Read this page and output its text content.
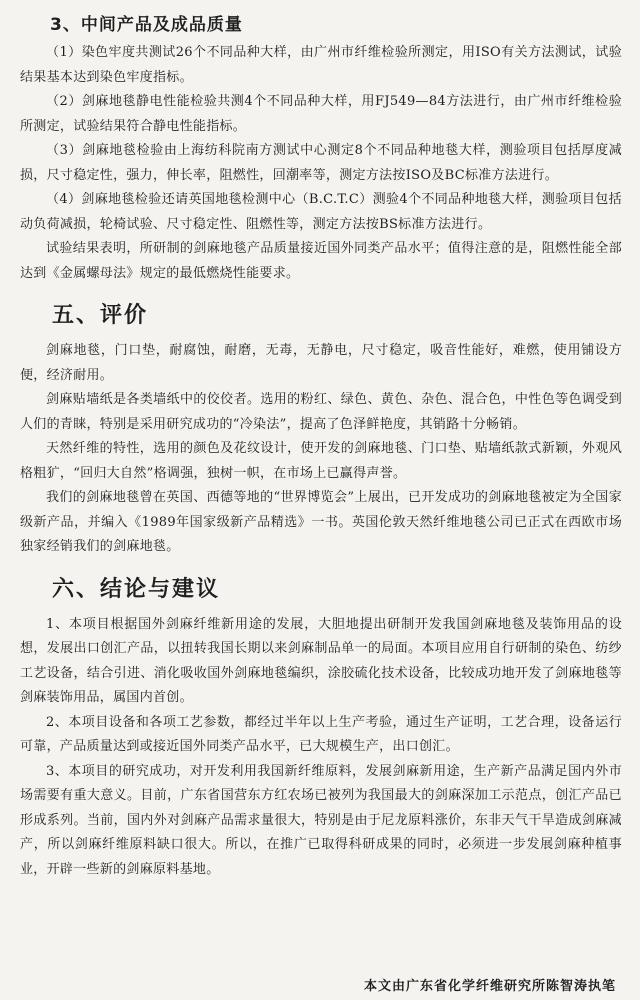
3、中间产品及成品质量

（1）染色牢度共测试26个不同品种大样，由广州市纤维检验所测定，用ISO有关方法测试，试验结果基本达到染色牢度指标。

（2）剑麻地毯静电性能检验共测4个不同品种大样，用FJ549—84方法进行，由广州市纤维检验所测定，试验结果符合静电性能指标。

（3）剑麻地毯检验由上海纺科院南方测试中心测定8个不同品种地毯大样，测验项目包括厚度减损，尺寸稳定性，强力，伸长率，阻燃性，回潮率等，测定方法按ISO及BC标准方法进行。

（4）剑麻地毯检验还请英国地毯检测中心（B.C.T.C）测验4个不同品种地毯大样，测验项目包括动负荷减损，轮椅试验、尺寸稳定性、阻燃性等，测定方法按BS标准方法进行。

试验结果表明，所研制的剑麻地毯产品质量接近国外同类产品水平；值得注意的是，阻燃性能全部达到《金属螺母法》规定的最低燃烧性能要求。

五、评价

剑麻地毯，门口垫，耐腐蚀，耐磨，无毒，无静电，尺寸稳定，吸音性能好，难燃，使用铺设方便，经济耐用。

剑麻贴墙纸是各类墙纸中的佼佼者。选用的粉红、绿色、黄色、杂色、混合色，中性色等色调受到人们的青睐，特别是采用研究成功的“冷染法”，提高了色泽鲜艳度，其销路十分畅销。

天然纤维的特性，选用的颜色及花纹设计，使开发的剑麻地毯、门口垫、贴墙纸款式新颖，外观风格粗犷，“回归大自然”格调强，独树一帜，在市场上已赢得声誉。

我们的剑麻地毯曾在英国、西德等地的“世界博览会”上展出，已开发成功的剑麻地毯被定为全国家级新产品，并编入《1989年国家级新产品精选》一书。英国伦敦天然纤维地毯公司已正式在西欧市场独家经销我们的剑麻地毯。

六、结论与建议

1、本项目根据国外剑麻纤维新用途的发展，大胆地提出研制开发我国剑麻地毯及装饰用品的设想，发展出口创汇产品，以扭转我国长期以来剑麻制品单一的局面。本项目应用自行研制的染色、纺纱工艺设备，结合引进、消化吸收国外剑麻地毯编织，涂胶硫化技术设备，比较成功地开发了剑麻地毯等剑麻装饰用品，属国内首创。

2、本项目设备和各项工艺参数，都经过半年以上生产考验，通过生产证明，工艺合理，设备运行可靠，产品质量达到或接近国外同类产品水平，已大规模生产，出口创汇。

3、本项目的研究成功，对开发利用我国新纤维原料，发展剑麻新用途，生产新产品满足国内外市场需要有重大意义。目前，广东省国营东方红农场已被列为我国最大的剑麻深加工示范点，创汇产品已形成系列。当前，国内外对剑麻产品需求量很大，特别是由于尼龙原料涨价，东非天气干旱造成剑麻减产，所以剑麻纤维原料缺口很大。所以，在推广已取得科研成果的同时，必须进一步发展剑麻种植事业，开辟一些新的剑麻原料基地。

本文由广东省化学纤维研究所陈智涛执笔
